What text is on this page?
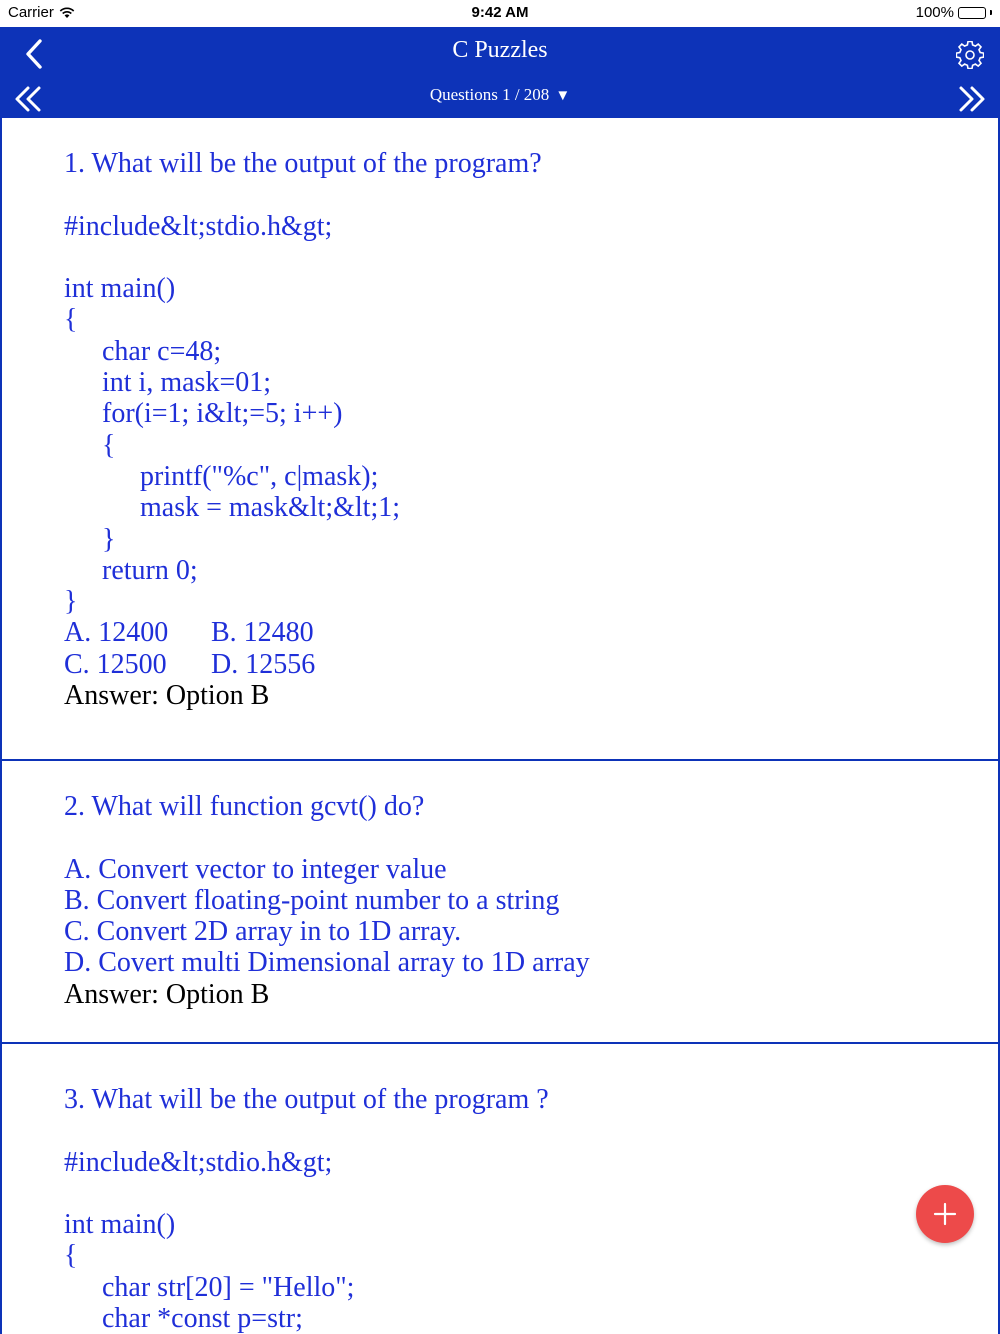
Carrier	9:42 AM	100%
C Puzzles
Questions 1 / 208 ▼
1. What will be the output of the program?
#include&lt;stdio.h&gt;
int main()
{
char c=48;
int i, mask=01;
for(i=1; i&lt;=5; i++)
{
printf("%c", c|mask);
mask = mask&lt;&lt;1;
}
return 0;
}
A. 12400	B. 12480
C. 12500	D. 12556
Answer: Option B
2. What will function gcvt() do?
A. Convert vector to integer value
B. Convert floating-point number to a string
C. Convert 2D array in to 1D array.
D. Covert multi Dimensional array to 1D array
Answer: Option B
3. What will be the output of the program ?
#include&lt;stdio.h&gt;
int main()
{
char str[20] = "Hello";
char *const p=str;
